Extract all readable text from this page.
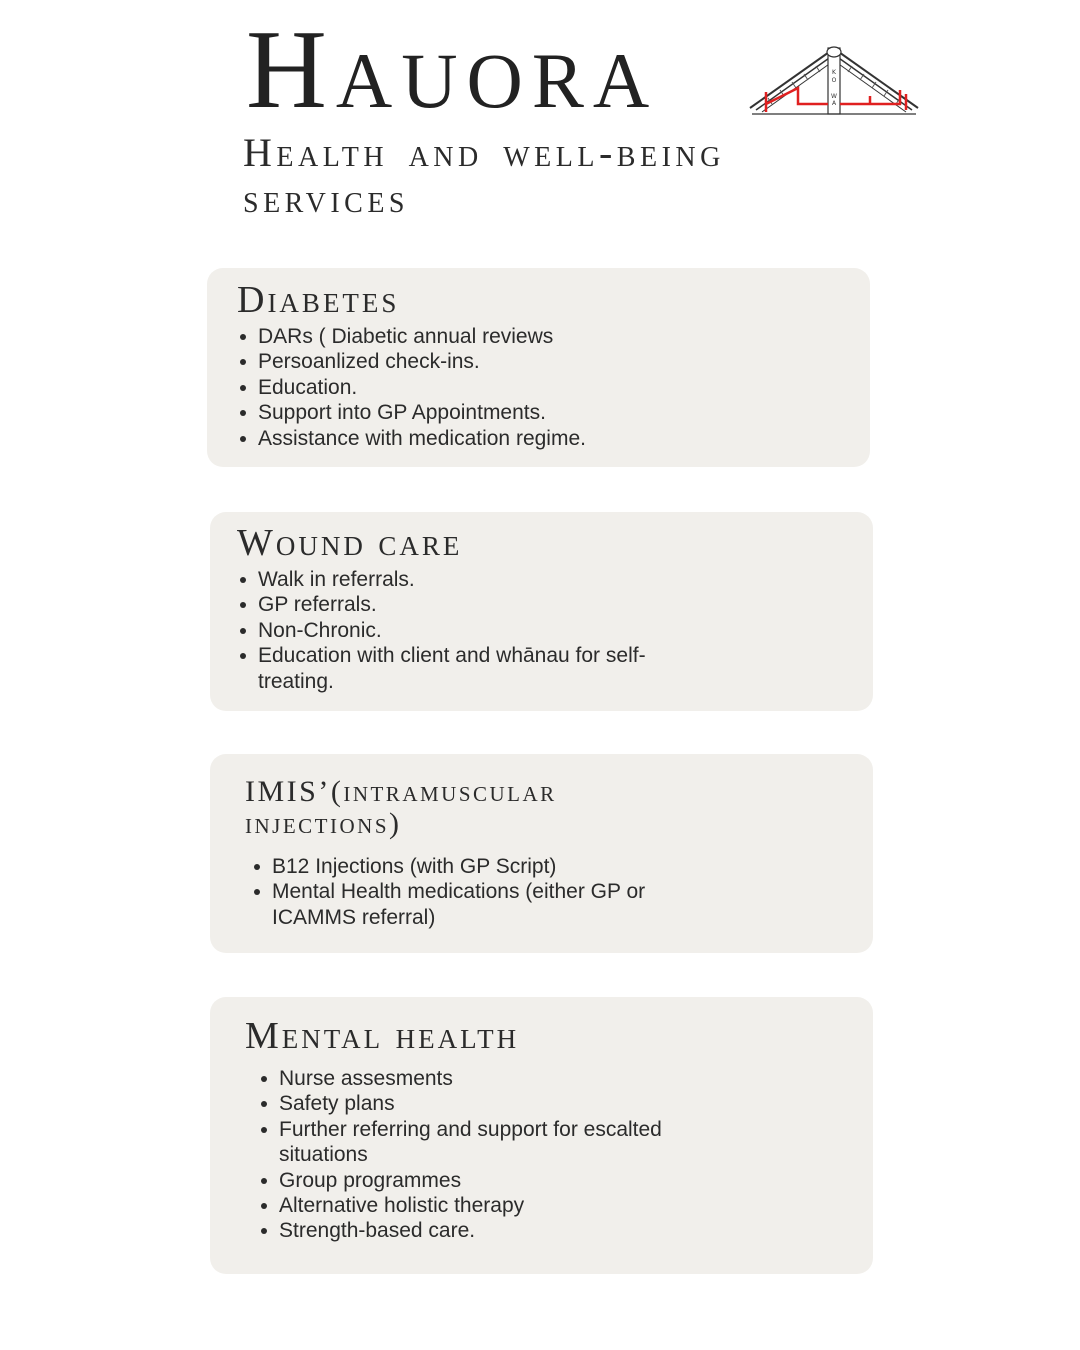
Hauora	K
O
W
A
Health and well-being services
Diabetes
DARs ( Diabetic annual reviews
Persoanlized check-ins.
Education.
Support into GP Appointments.
Assistance with medication regime.
Wound care
Walk in referrals.
GP referrals.
Non-Chronic.
Education with client and whānau for self-treating.
IMIS’(intramuscular injections)
B12 Injections (with GP Script)
Mental Health medications (either GP or ICAMMS referral)
Mental health
Nurse assesments
Safety plans
Further referring and support for escalted situations
Group programmes
Alternative holistic therapy
Strength-based care.
